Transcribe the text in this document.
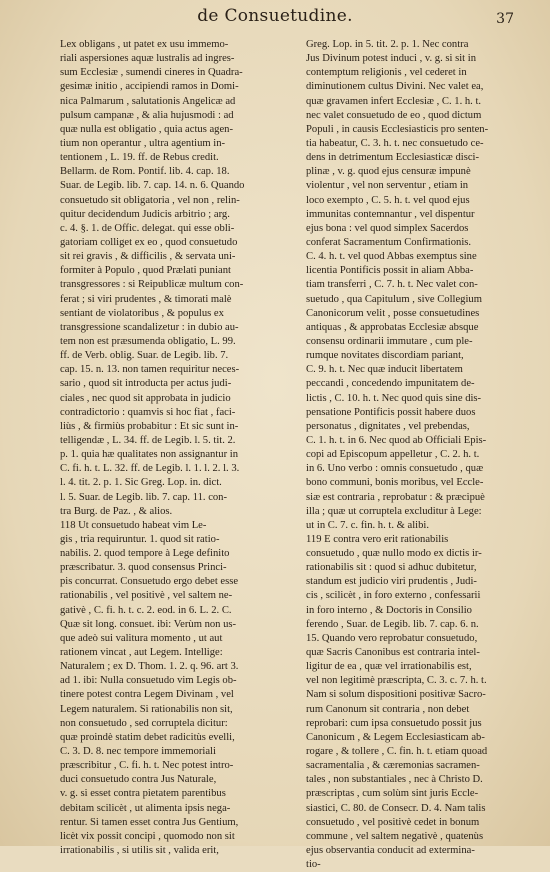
de Consuetudine.	37
Lex obligans , ut patet ex usu immemo-
riali aspersiones aquæ lustralis ad ingres-
sum Ecclesiæ , sumendi cineres in Quadra-
gesimæ initio , accipiendi ramos in Domi-
nica Palmarum , salutationis Angelicæ ad
pulsum campanæ , & alia hujusmodi : ad
quæ nulla est obligatio , quia actus agen-
tium non operantur , ultra agentium in-
tentionem , L. 19. ff. de Rebus credit.
Bellarm. de Rom. Pontif. lib. 4. cap. 18.
Suar. de Legib. lib. 7. cap. 14. n. 6. Quando
consuetudo sit obligatoria , vel non , relin-
quitur decidendum Judicis arbitrio ; arg.
c. 4. §. 1. de Offic. delegat. qui esse obli-
gatoriam colliget ex eo , quod consuetudo
sit rei gravis , & difficilis , & servata uni-
formiter à Populo , quod Prælati puniant
transgressores : si Reipublicæ multum con-
ferat ; si viri prudentes , & timorati malè
sentiant de violatoribus , & populus ex
transgressione scandalizetur : in dubio au-
tem non est præsumenda obligatio, L. 99.
ff. de Verb. oblig. Suar. de Legib. lib. 7.
cap. 15. n. 13. non tamen requiritur neces-
sario , quod sit introducta per actus judi-
ciales , nec quod sit approbata in judicio
contradictorio : quamvis si hoc fiat , faci-
liùs , & firmiùs probabitur : Et sic sunt in-
telligendæ , L. 34. ff. de Legib. l. 5. tit. 2.
p. 1. quia hæ qualitates non assignantur in
C. fi. h. t. L. 32. ff. de Legib. l. 1. l. 2. l. 3.
l. 4. tit. 2. p. 1. Sic Greg. Lop. in. dict.
l. 5. Suar. de Legib. lib. 7. cap. 11. con-
tra Burg. de Paz. , & alios.
118 Ut consuetudo habeat vim Le-
gis , tria requiruntur. 1. quod sit ratio-
nabilis. 2. quod tempore à Lege definito
præscribatur. 3. quod consensus Princi-
pis concurrat. Consuetudo ergo debet esse
rationabilis , vel positivè , vel saltem ne-
gativè , C. fi. h. t. c. 2. eod. in 6. L. 2. C.
Quæ sit long. consuet. ibi: Verùm non us-
que adeò sui valitura momento , ut aut
rationem vincat , aut Legem. Intellige:
Naturalem ; ex D. Thom. 1. 2. q. 96. art 3.
ad 1. ibi: Nulla consuetudo vim Legis ob-
tinere potest contra Legem Divinam , vel
Legem naturalem. Si rationabilis non sit,
non consuetudo , sed corruptela dicitur:
quæ proindè statim debet radicitùs evelli,
C. 3. D. 8. nec tempore immemoriali
præscribitur , C. fi. h. t. Nec potest intro-
duci consuetudo contra Jus Naturale,
v. g. si esset contra pietatem parentibus
debitam scilicèt , ut alimenta ipsis nega-
rentur. Si tamen esset contra Jus Gentium,
licèt vix possit concipi , quomodo non sit
irrationabilis , si utilis sit , valida erit,
Greg. Lop. in 5. tit. 2. p. 1. Nec contra
Jus Divinum potest induci , v. g. si sit in
contemptum religionis , vel cederet in
diminutionem cultus Divini. Nec valet ea,
quæ gravamen infert Ecclesiæ , C. 1. h. t.
nec valet consuetudo de eo , quod dictum
Populi , in causis Ecclesiasticis pro senten-
tia habeatur, C. 3. h. t. nec consuetudo ce-
dens in detrimentum Ecclesiasticæ disci-
plinæ , v. g. quod ejus censuræ impunè
violentur , vel non serventur , etiam in
loco exempto , C. 5. h. t. vel quod ejus
immunitas contemnantur , vel dispentur
ejus bona : vel quod simplex Sacerdos
conferat Sacramentum Confirmationis.
C. 4. h. t. vel quod Abbas exemptus sine
licentia Pontificis possit in aliam Abba-
tiam transferri , C. 7. h. t. Nec valet con-
suetudo , qua Capitulum , sive Collegium
Canonicorum velit , posse consuetudines
antiquas , & approbatas Ecclesiæ absque
consensu ordinarii immutare , cum ple-
rumque novitates discordiam pariant,
C. 9. h. t. Nec quæ inducit libertatem
peccandi , concedendo impunitatem de-
lictis , C. 10. h. t. Nec quod quis sine dis-
pensatione Pontificis possit habere duos
personatus , dignitates , vel prebendas,
C. 1. h. t. in 6. Nec quod ab Officiali Epis-
copi ad Episcopum appelletur , C. 2. h. t.
in 6. Uno verbo : omnis consuetudo , quæ
bono communi, bonis moribus, vel Eccle-
siæ est contraria , reprobatur : & præcipuè
illa ; quæ ut corruptela excluditur à Lege:
ut in C. 7. c. fin. h. t. & alibi.
119 E contra vero erit rationabilis
consuetudo , quæ nullo modo ex dictis ir-
rationabilis sit : quod si adhuc dubitetur,
standum est judicio viri prudentis , Judi-
cis , scilicèt , in foro externo , confessarii
in foro interno , & Doctoris in Consilio
ferendo , Suar. de Legib. lib. 7. cap. 6. n.
15. Quando vero reprobatur consuetudo,
quæ Sacris Canonibus est contraria intel-
ligitur de ea , quæ vel irrationabilis est,
vel non legitimè præscripta, C. 3. c. 7. h. t.
Nam si solum dispositioni positivæ Sacro-
rum Canonum sit contraria , non debet
reprobari: cum ipsa consuetudo possit jus
Canonicum , & Legem Ecclesiasticam ab-
rogare , & tollere , C. fin. h. t. etiam quoad
sacramentalia , & cæremonias sacramen-
tales , non substantiales , nec à Christo D.
præscriptas , cum solùm sint juris Eccle-
siastici, C. 80. de Consecr. D. 4. Nam talis
consuetudo , vel positivè cedet in bonum
commune , vel saltem negativè , quatenùs
ejus observantia conducit ad extermina-
tio-
